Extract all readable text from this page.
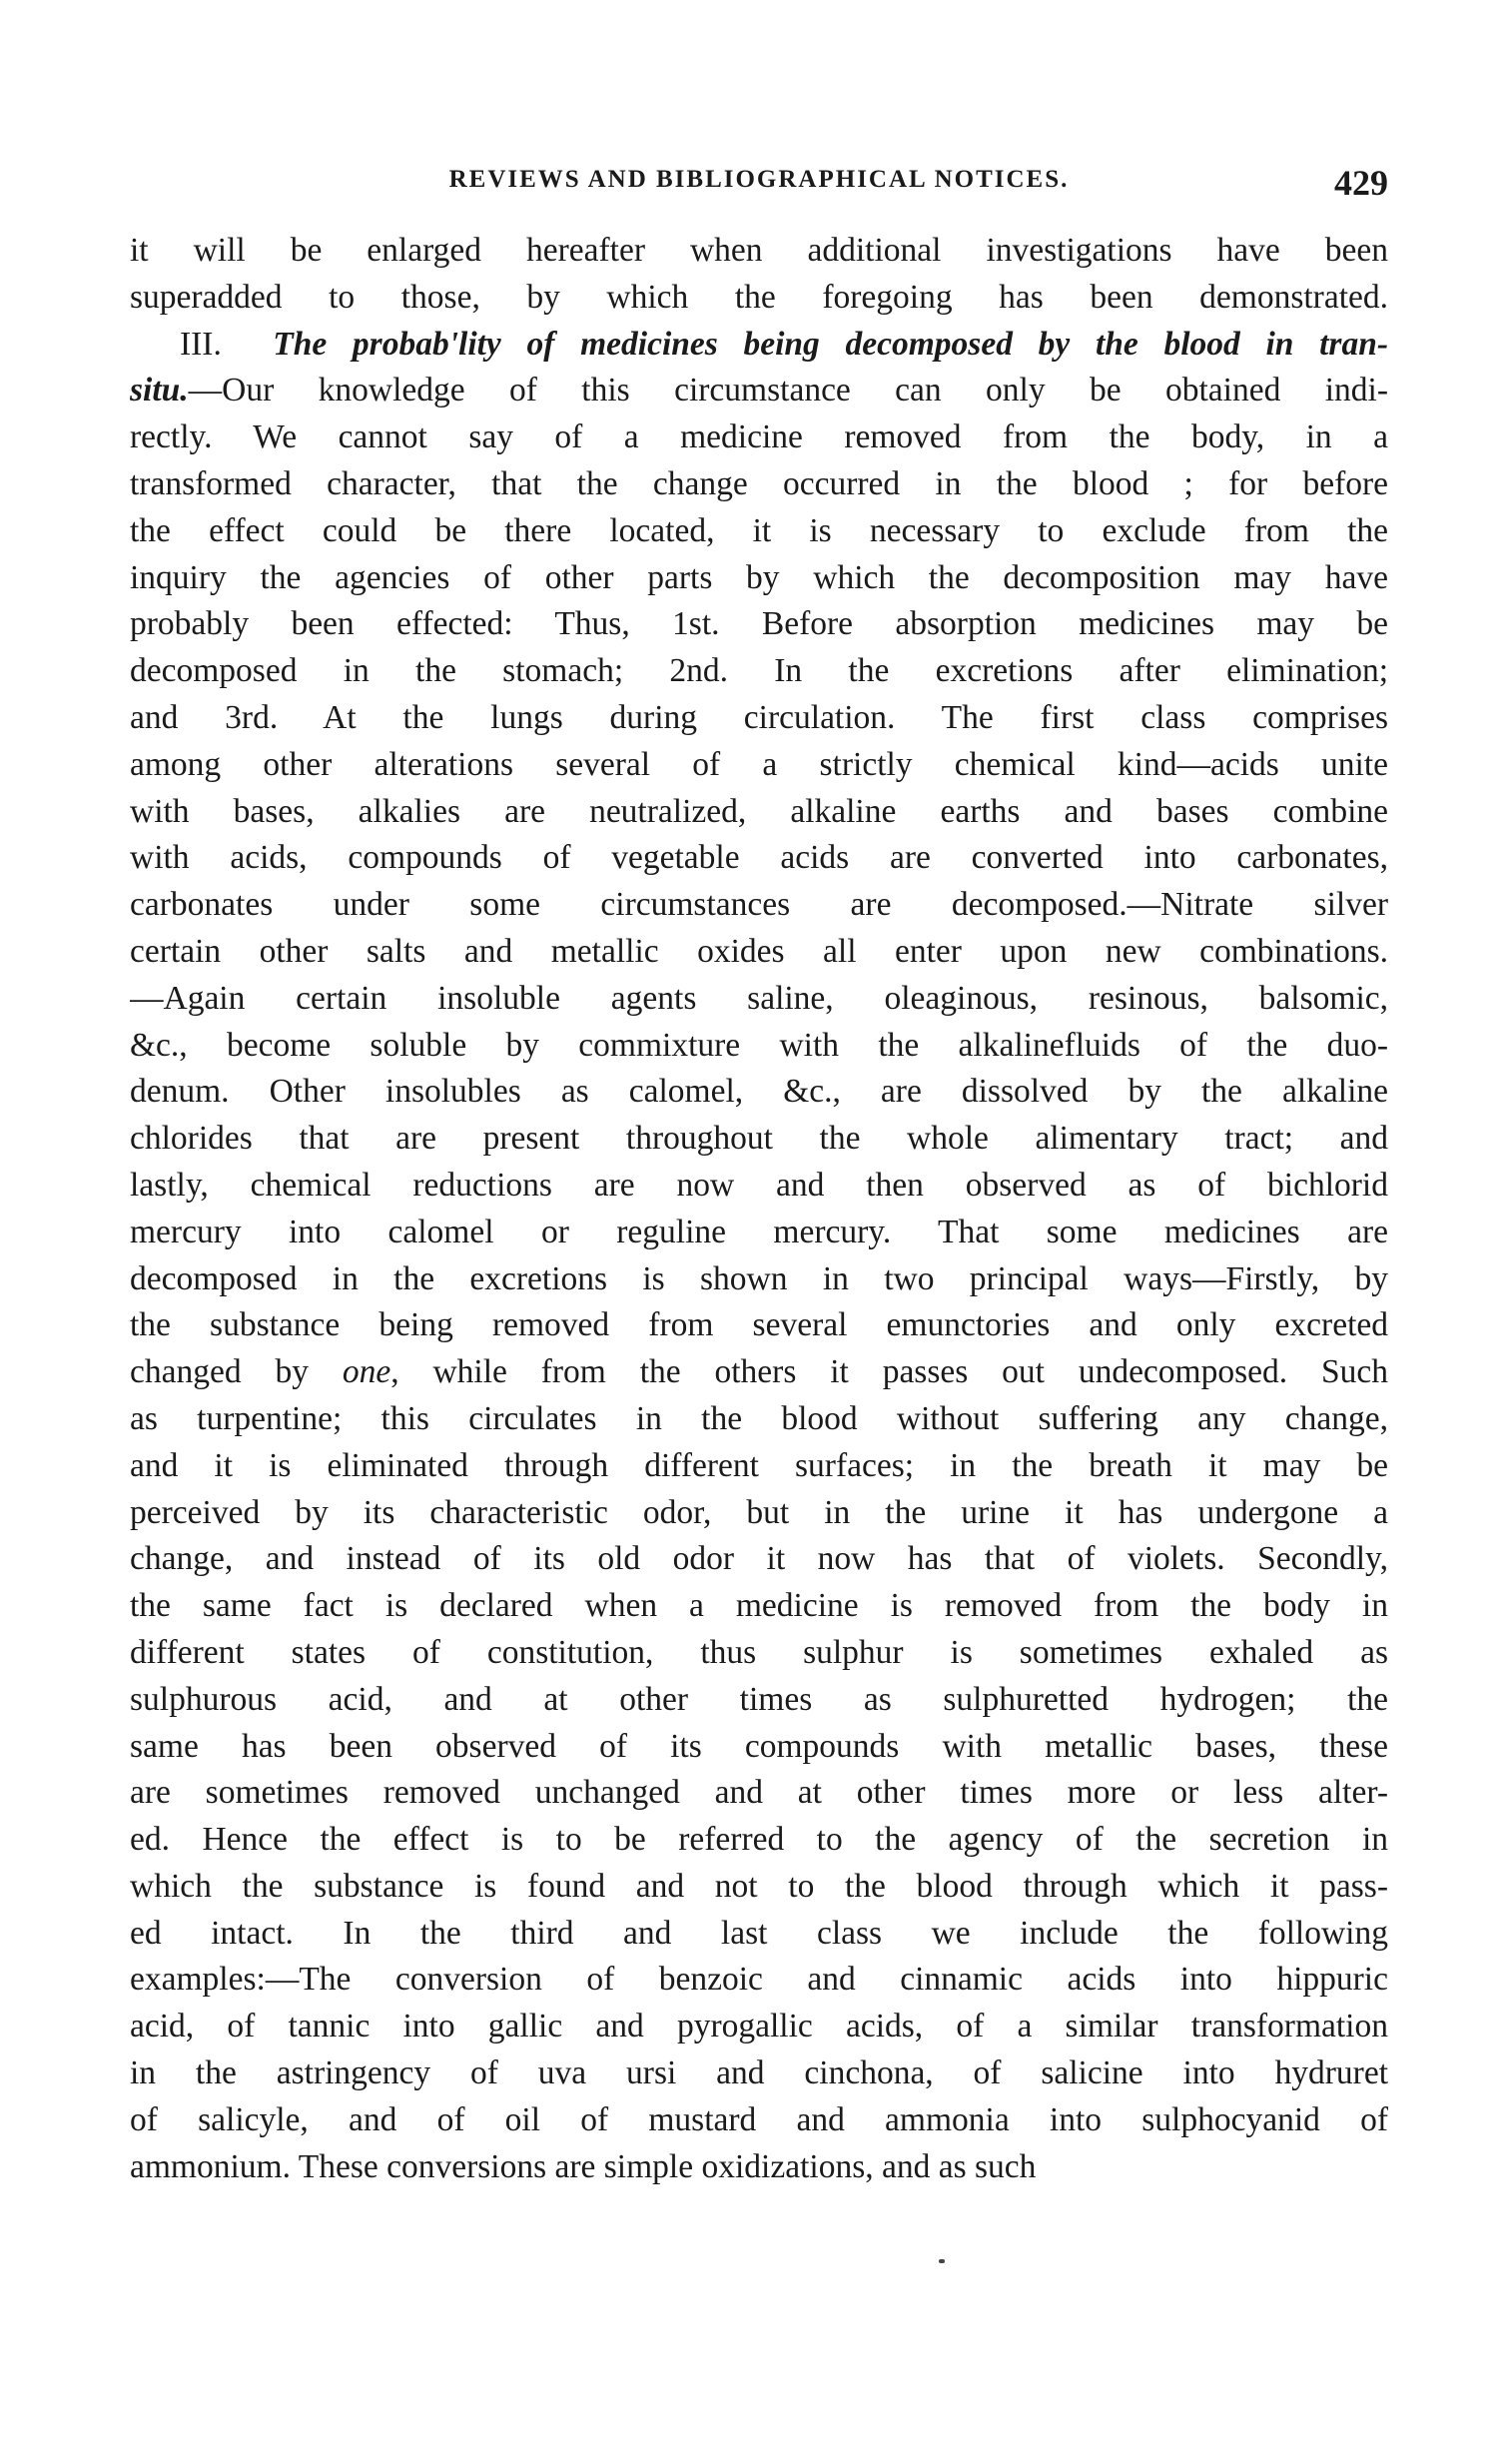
REVIEWS AND BIBLIOGRAPHICAL NOTICES.	429
it will be enlarged hereafter when additional investigations have been
superadded to those, by which the foregoing has been demonstrated.
III. The probab'lity of medicines being decomposed by the blood in tran-
situ.—Our knowledge of this circumstance can only be obtained indi-
rectly. We cannot say of a medicine removed from the body, in a
transformed character, that the change occurred in the blood ; for before
the effect could be there located, it is necessary to exclude from the
inquiry the agencies of other parts by which the decomposition may have
probably been effected: Thus, 1st. Before absorption medicines may be
decomposed in the stomach; 2nd. In the excretions after elimination;
and 3rd. At the lungs during circulation. The first class comprises
among other alterations several of a strictly chemical kind—acids unite
with bases, alkalies are neutralized, alkaline earths and bases combine
with acids, compounds of vegetable acids are converted into carbonates,
carbonates under some circumstances are decomposed.—Nitrate silver
certain other salts and metallic oxides all enter upon new combinations.
—Again certain insoluble agents saline, oleaginous, resinous, balsomic,
&c., become soluble by commixture with the alkalinefluids of the duo-
denum. Other insolubles as calomel, &c., are dissolved by the alkaline
chlorides that are present throughout the whole alimentary tract; and
lastly, chemical reductions are now and then observed as of bichlorid
mercury into calomel or reguline mercury. That some medicines are
decomposed in the excretions is shown in two principal ways—Firstly, by
the substance being removed from several emunctories and only excreted
changed by one, while from the others it passes out undecomposed. Such
as turpentine; this circulates in the blood without suffering any change,
and it is eliminated through different surfaces; in the breath it may be
perceived by its characteristic odor, but in the urine it has undergone a
change, and instead of its old odor it now has that of violets. Secondly,
the same fact is declared when a medicine is removed from the body in
different states of constitution, thus sulphur is sometimes exhaled as
sulphurous acid, and at other times as sulphuretted hydrogen; the
same has been observed of its compounds with metallic bases, these
are sometimes removed unchanged and at other times more or less alter-
ed. Hence the effect is to be referred to the agency of the secretion in
which the substance is found and not to the blood through which it pass-
ed intact. In the third and last class we include the following
examples:—The conversion of benzoic and cinnamic acids into hippuric
acid, of tannic into gallic and pyrogallic acids, of a similar transformation
in the astringency of uva ursi and cinchona, of salicine into hydruret
of salicyle, and of oil of mustard and ammonia into sulphocyanid of
ammonium. These conversions are simple oxidizations, and as such
